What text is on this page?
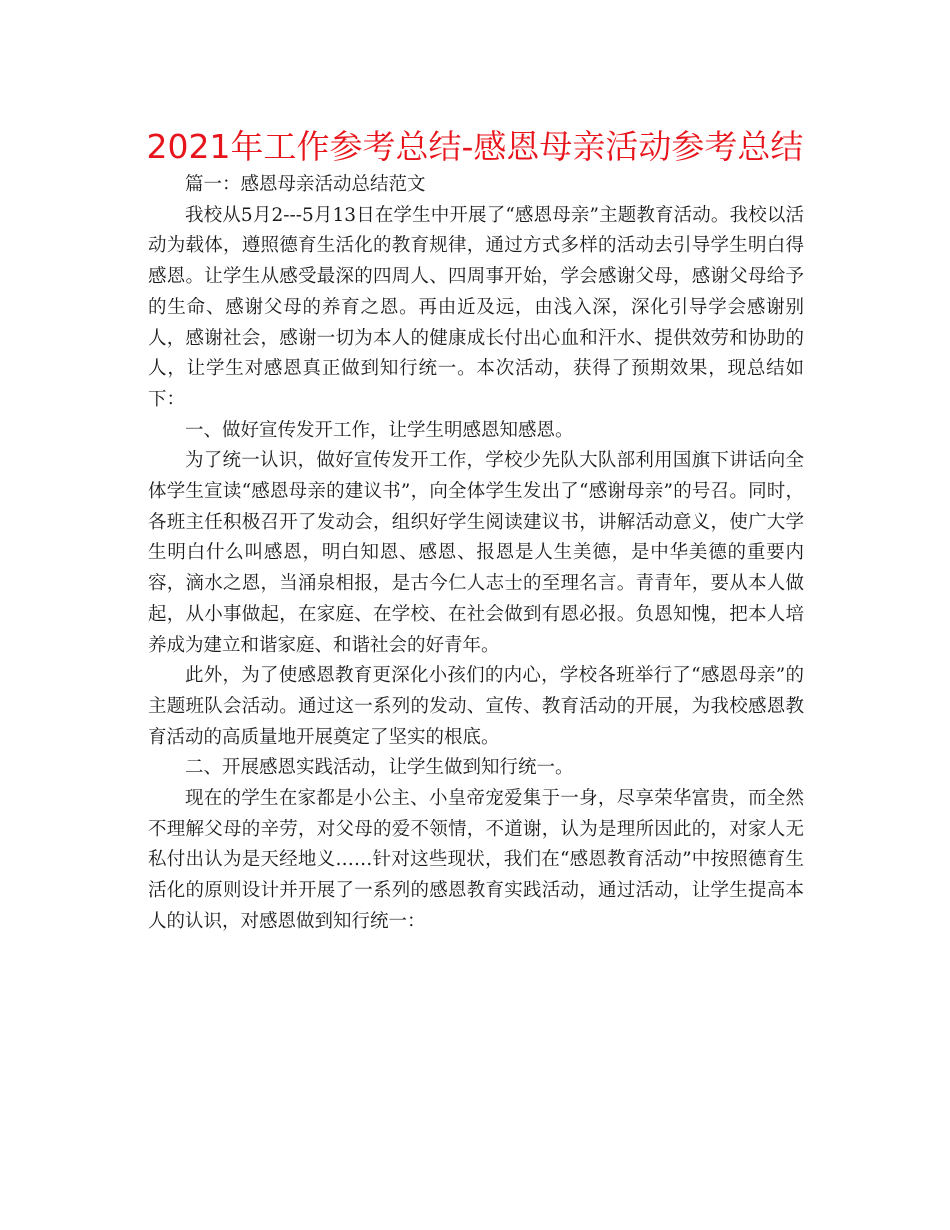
2021年工作参考总结-感恩母亲活动参考总结

篇一：感恩母亲活动总结范文

我校从5月2---5月13日在学生中开展了“感恩母亲”主题教育活动。我校以活动为载体，遵照德育生活化的教育规律，通过方式多样的活动去引导学生明白得感恩。让学生从感受最深的四周人、四周事开始，学会感谢父母，感谢父母给予的生命、感谢父母的养育之恩。再由近及远，由浅入深，深化引导学会感谢别人，感谢社会，感谢一切为本人的健康成长付出心血和汗水、提供效劳和协助的人，让学生对感恩真正做到知行统一。本次活动，获得了预期效果，现总结如下：

一、做好宣传发开工作，让学生明感恩知感恩。

为了统一认识，做好宣传发开工作，学校少先队大队部利用国旗下讲话向全体学生宣读“感恩母亲的建议书”，向全体学生发出了“感谢母亲”的号召。同时，各班主任积极召开了发动会，组织好学生阅读建议书，讲解活动意义，使广大学生明白什么叫感恩，明白知恩、感恩、报恩是人生美德，是中华美德的重要内容，滴水之恩，当涌泉相报，是古今仁人志士的至理名言。青青年，要从本人做起，从小事做起，在家庭、在学校、在社会做到有恩必报。负恩知愧，把本人培养成为建立和谐家庭、和谐社会的好青年。

此外，为了使感恩教育更深化小孩们的内心，学校各班举行了“感恩母亲”的主题班队会活动。通过这一系列的发动、宣传、教育活动的开展，为我校感恩教育活动的高质量地开展奠定了坚实的根底。

二、开展感恩实践活动，让学生做到知行统一。

现在的学生在家都是小公主、小皇帝宠爱集于一身，尽享荣华富贵，而全然不理解父母的辛劳，对父母的爱不领情，不道谢，认为是理所因此的，对家人无私付出认为是天经地义……针对这些现状，我们在“感恩教育活动”中按照德育生活化的原则设计并开展了一系列的感恩教育实践活动，通过活动，让学生提高本人的认识，对感恩做到知行统一：
